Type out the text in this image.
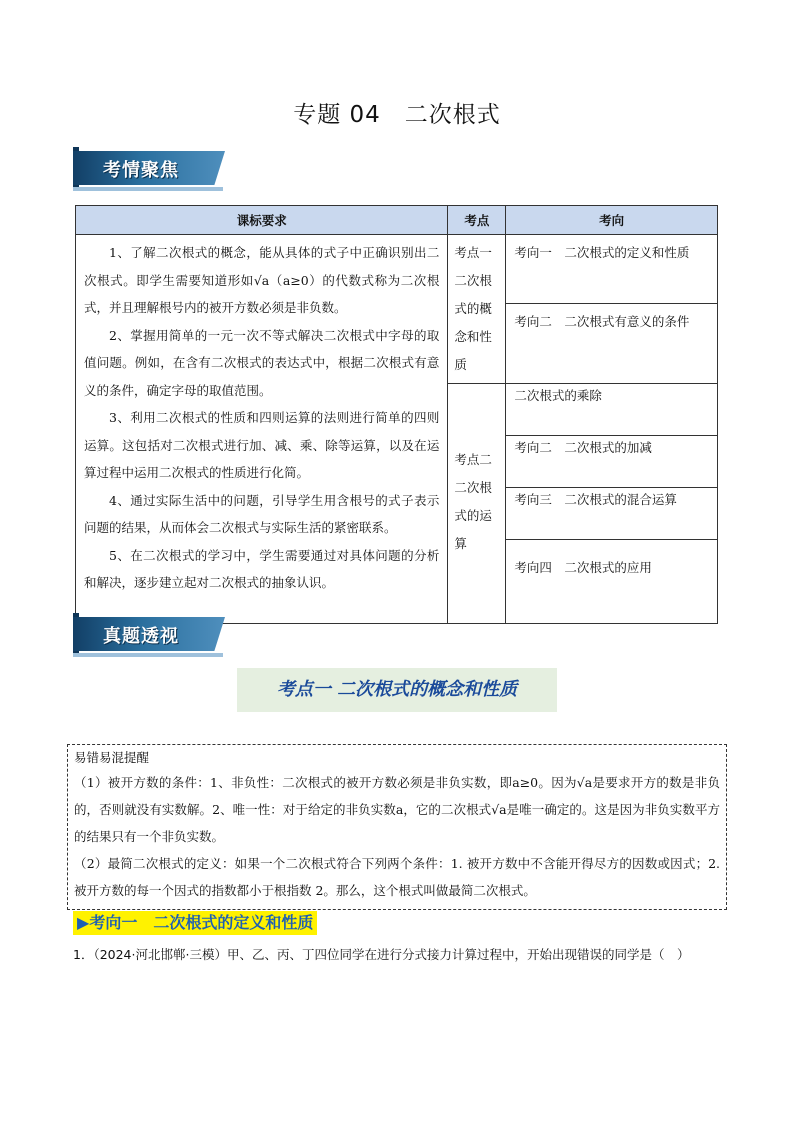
专题 04　二次根式
考情聚焦
课标要求	考点	考向

1、了解二次根式的概念，能从具体的式子中正确识别出二次根式。即学生需要知道形如√a（a≥0）的代数式称为二次根式，并且理解根号内的被开方数必须是非负数。

2、掌握用简单的一元一次不等式解决二次根式中字母的取值问题。例如，在含有二次根式的表达式中，根据二次根式有意义的条件，确定字母的取值范围。

3、利用二次根式的性质和四则运算的法则进行简单的四则运算。这包括对二次根式进行加、减、乘、除等运算，以及在运算过程中运用二次根式的性质进行化简。

4、通过实际生活中的问题，引导学生用含根号的式子表示问题的结果，从而体会二次根式与实际生活的紧密联系。

5、在二次根式的学习中，学生需要通过对具体问题的分析和解决，逐步建立起对二次根式的抽象认识。	考点一二次根式的概念和性质	考向一　二次根式的定义和性质
		考向二　二次根式有意义的条件
	考点二二次根式的运算	二次根式的乘除
		考向二　二次根式的加减
		考向三　二次根式的混合运算
		考向四　二次根式的应用
真题透视
考点一 二次根式的概念和性质
易错易混提醒

（1）被开方数的条件：1、非负性：二次根式的被开方数必须是非负实数，即a≥0。因为√a是要求开方的数是非负的，否则就没有实数解。2、唯一性：对于给定的非负实数a，它的二次根式√a是唯一确定的。这是因为非负实数平方的结果只有一个非负实数。

（2）最简二次根式的定义：如果一个二次根式符合下列两个条件：1. 被开方数中不含能开得尽方的因数或因式；2. 被开方数的每一个因式的指数都小于根指数 2。那么，这个根式叫做最简二次根式。

▶考向一　二次根式的定义和性质
1．（2024·河北邯郸·三模）甲、乙、丙、丁四位同学在进行分式接力计算过程中，开始出现错误的同学是（　）
